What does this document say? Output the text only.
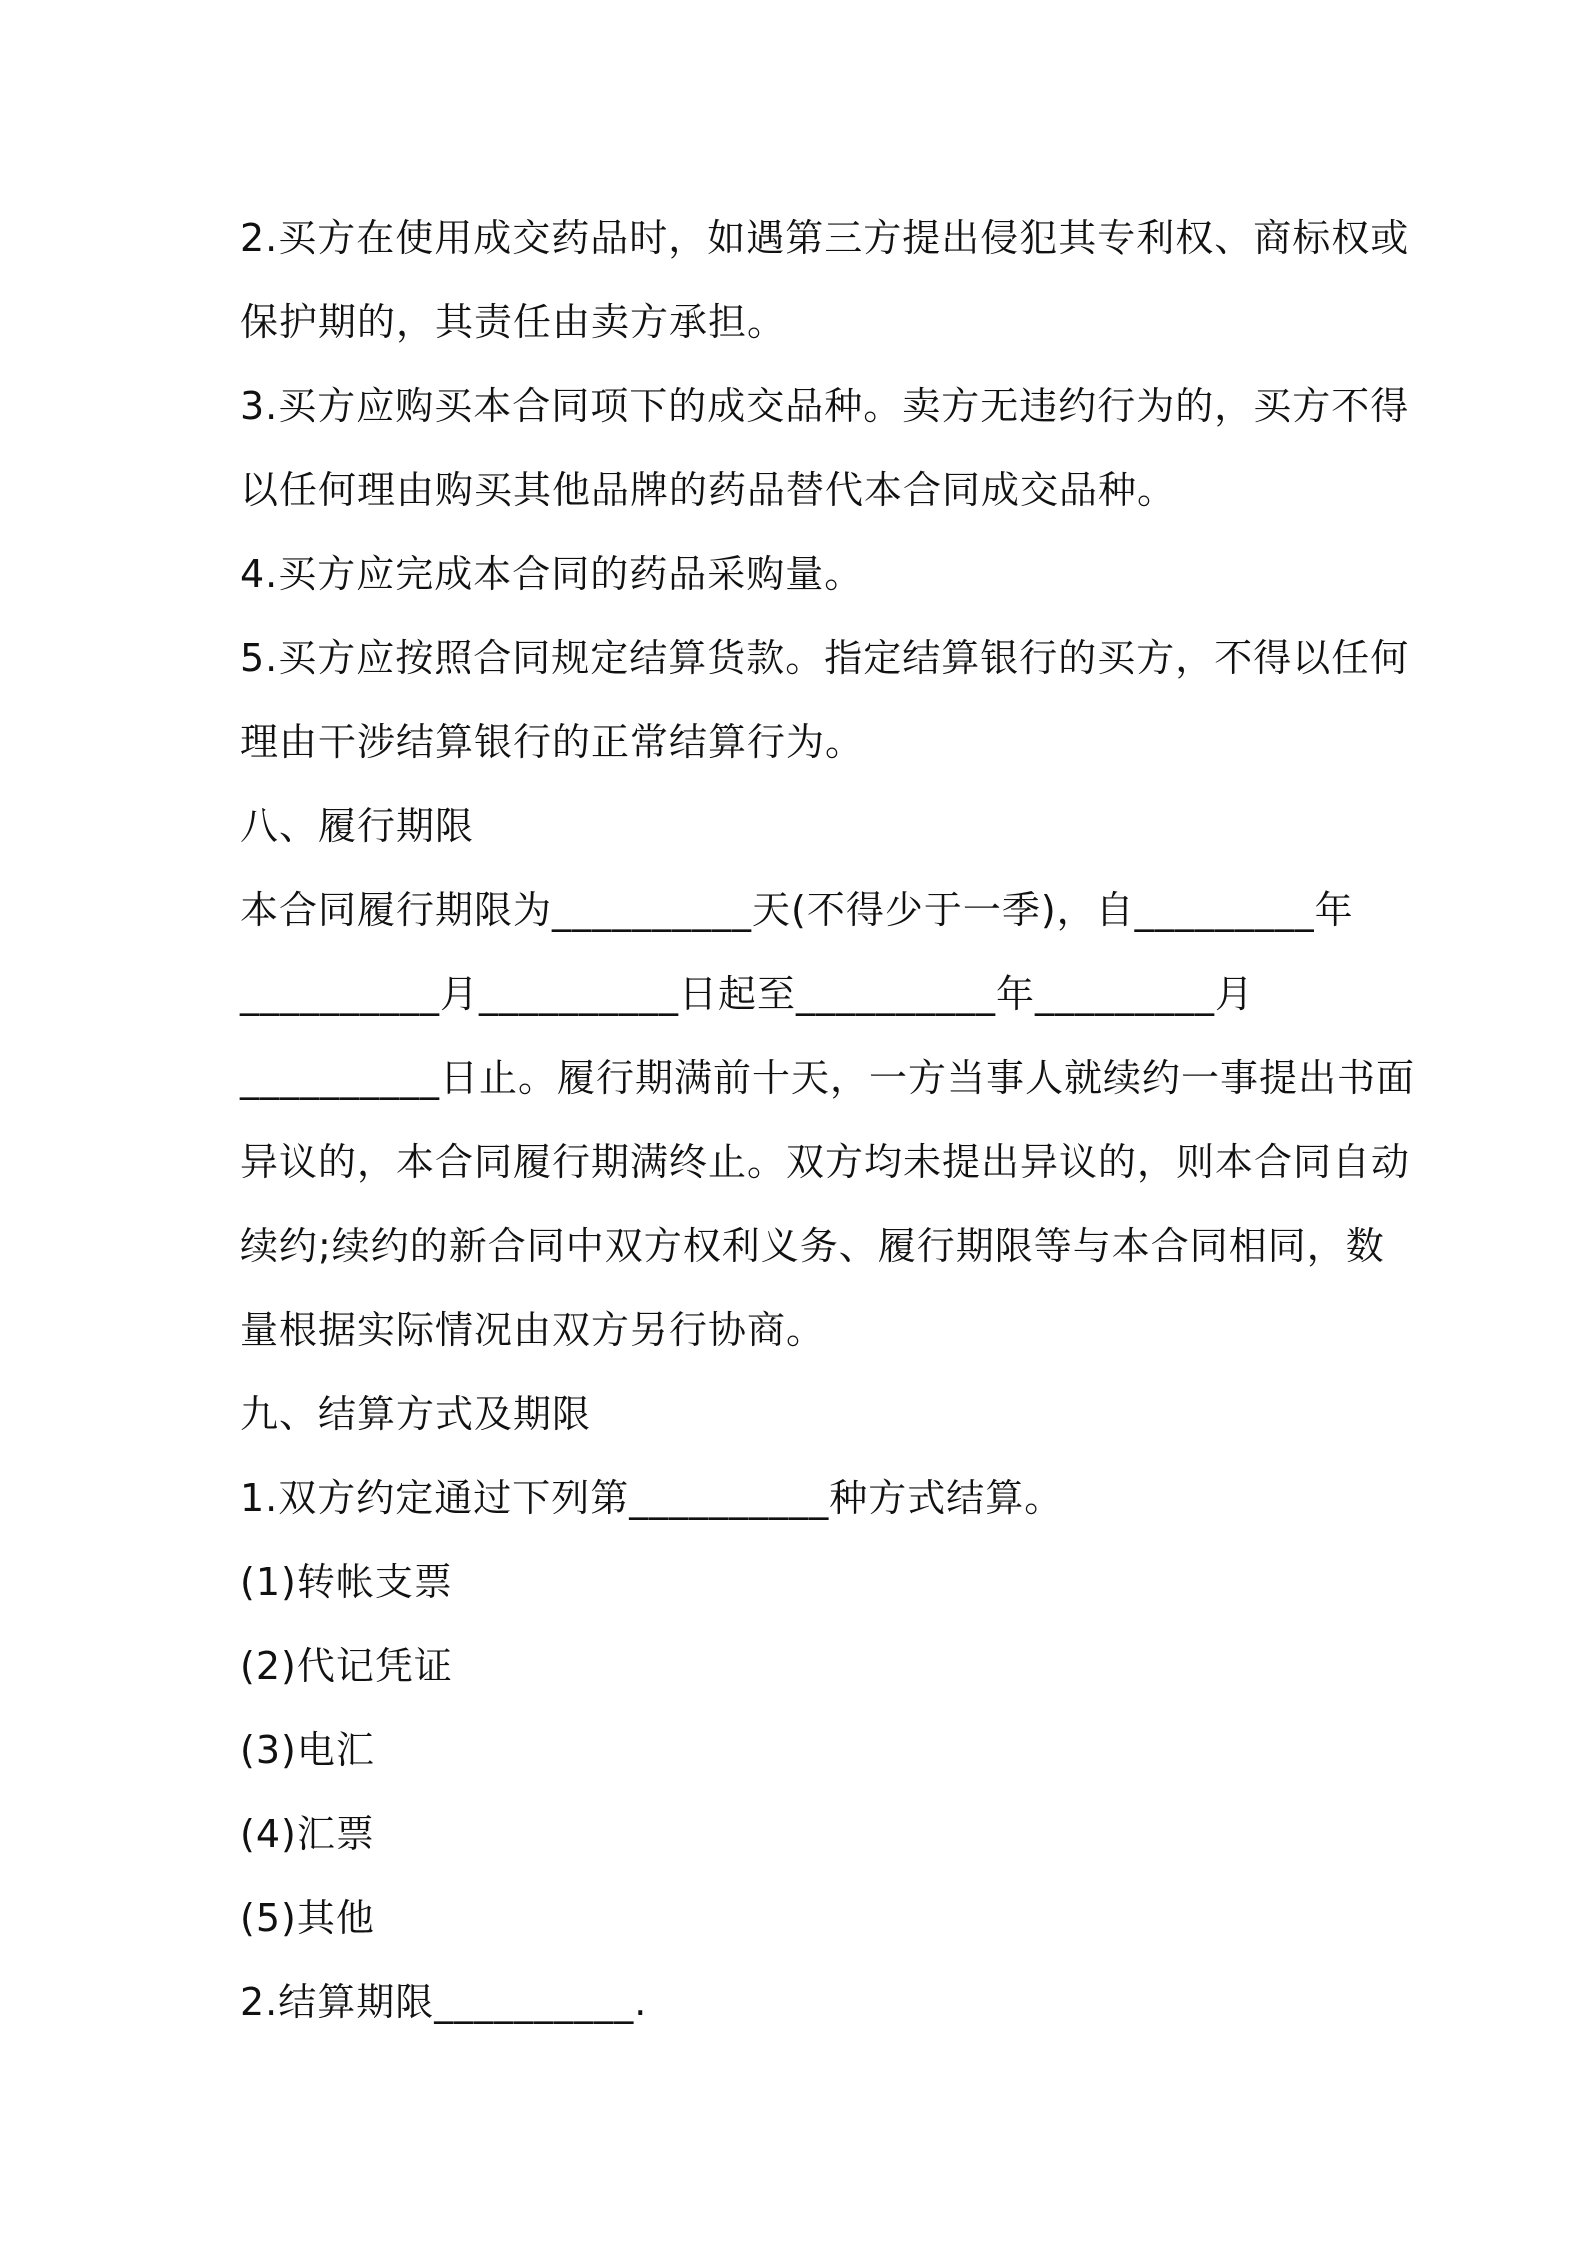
2.买方在使用成交药品时，如遇第三方提出侵犯其专利权、商标权或
保护期的，其责任由卖方承担。
3.买方应购买本合同项下的成交品种。卖方无违约行为的，买方不得
以任何理由购买其他品牌的药品替代本合同成交品种。
4.买方应完成本合同的药品采购量。
5.买方应按照合同规定结算货款。指定结算银行的买方，不得以任何
理由干涉结算银行的正常结算行为。
八、履行期限
本合同履行期限为__________天(不得少于一季)，自_________年
__________月__________日起至__________年_________月
__________日止。履行期满前十天，一方当事人就续约一事提出书面
异议的，本合同履行期满终止。双方均未提出异议的，则本合同自动
续约;续约的新合同中双方权利义务、履行期限等与本合同相同，数
量根据实际情况由双方另行协商。
九、结算方式及期限
1.双方约定通过下列第__________种方式结算。
(1)转帐支票
(2)代记凭证
(3)电汇
(4)汇票
(5)其他
2.结算期限__________.
